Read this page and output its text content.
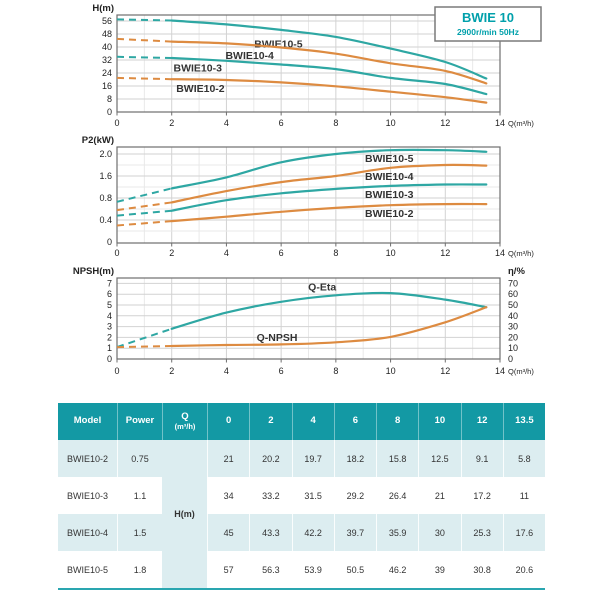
0	2	4	6	8	10	12	14 Q(m³/h)
0
8
16
24
32
40
48
56
H(m)
BWIE10-5
BWIE10-4
BWIE10-3
BWIE10-2
BWIE 10
2900r/min 50Hz
0	2	4	6	8	10	12	14 Q(m³/h)
0
0.4
0.8
1.6
2.0
P2(kW)
BWIE10-5
BWIE10-4
BWIE10-3
BWIE10-2
0	2	4	6	8	10	12	14 Q(m³/h)
0
1
2
3
4
5
6
7
NPSH(m)
0
10
20
30
40
50
60
70
η/%
Q-Eta
Q-NPSH
Model	Power	Q
(m³/h)
0	2	4	6	8	10	12	13.5
H(m)
BWIE10-2	0.75	21	20.2	19.7	18.2	15.8	12.5	9.1	5.8
BWIE10-3	1.1	34	33.2	31.5	29.2	26.4	21	17.2	11
BWIE10-4	1.5	45	43.3	42.2	39.7	35.9	30	25.3	17.6
BWIE10-5	1.8	57	56.3	53.9	50.5	46.2	39	30.8	20.6
